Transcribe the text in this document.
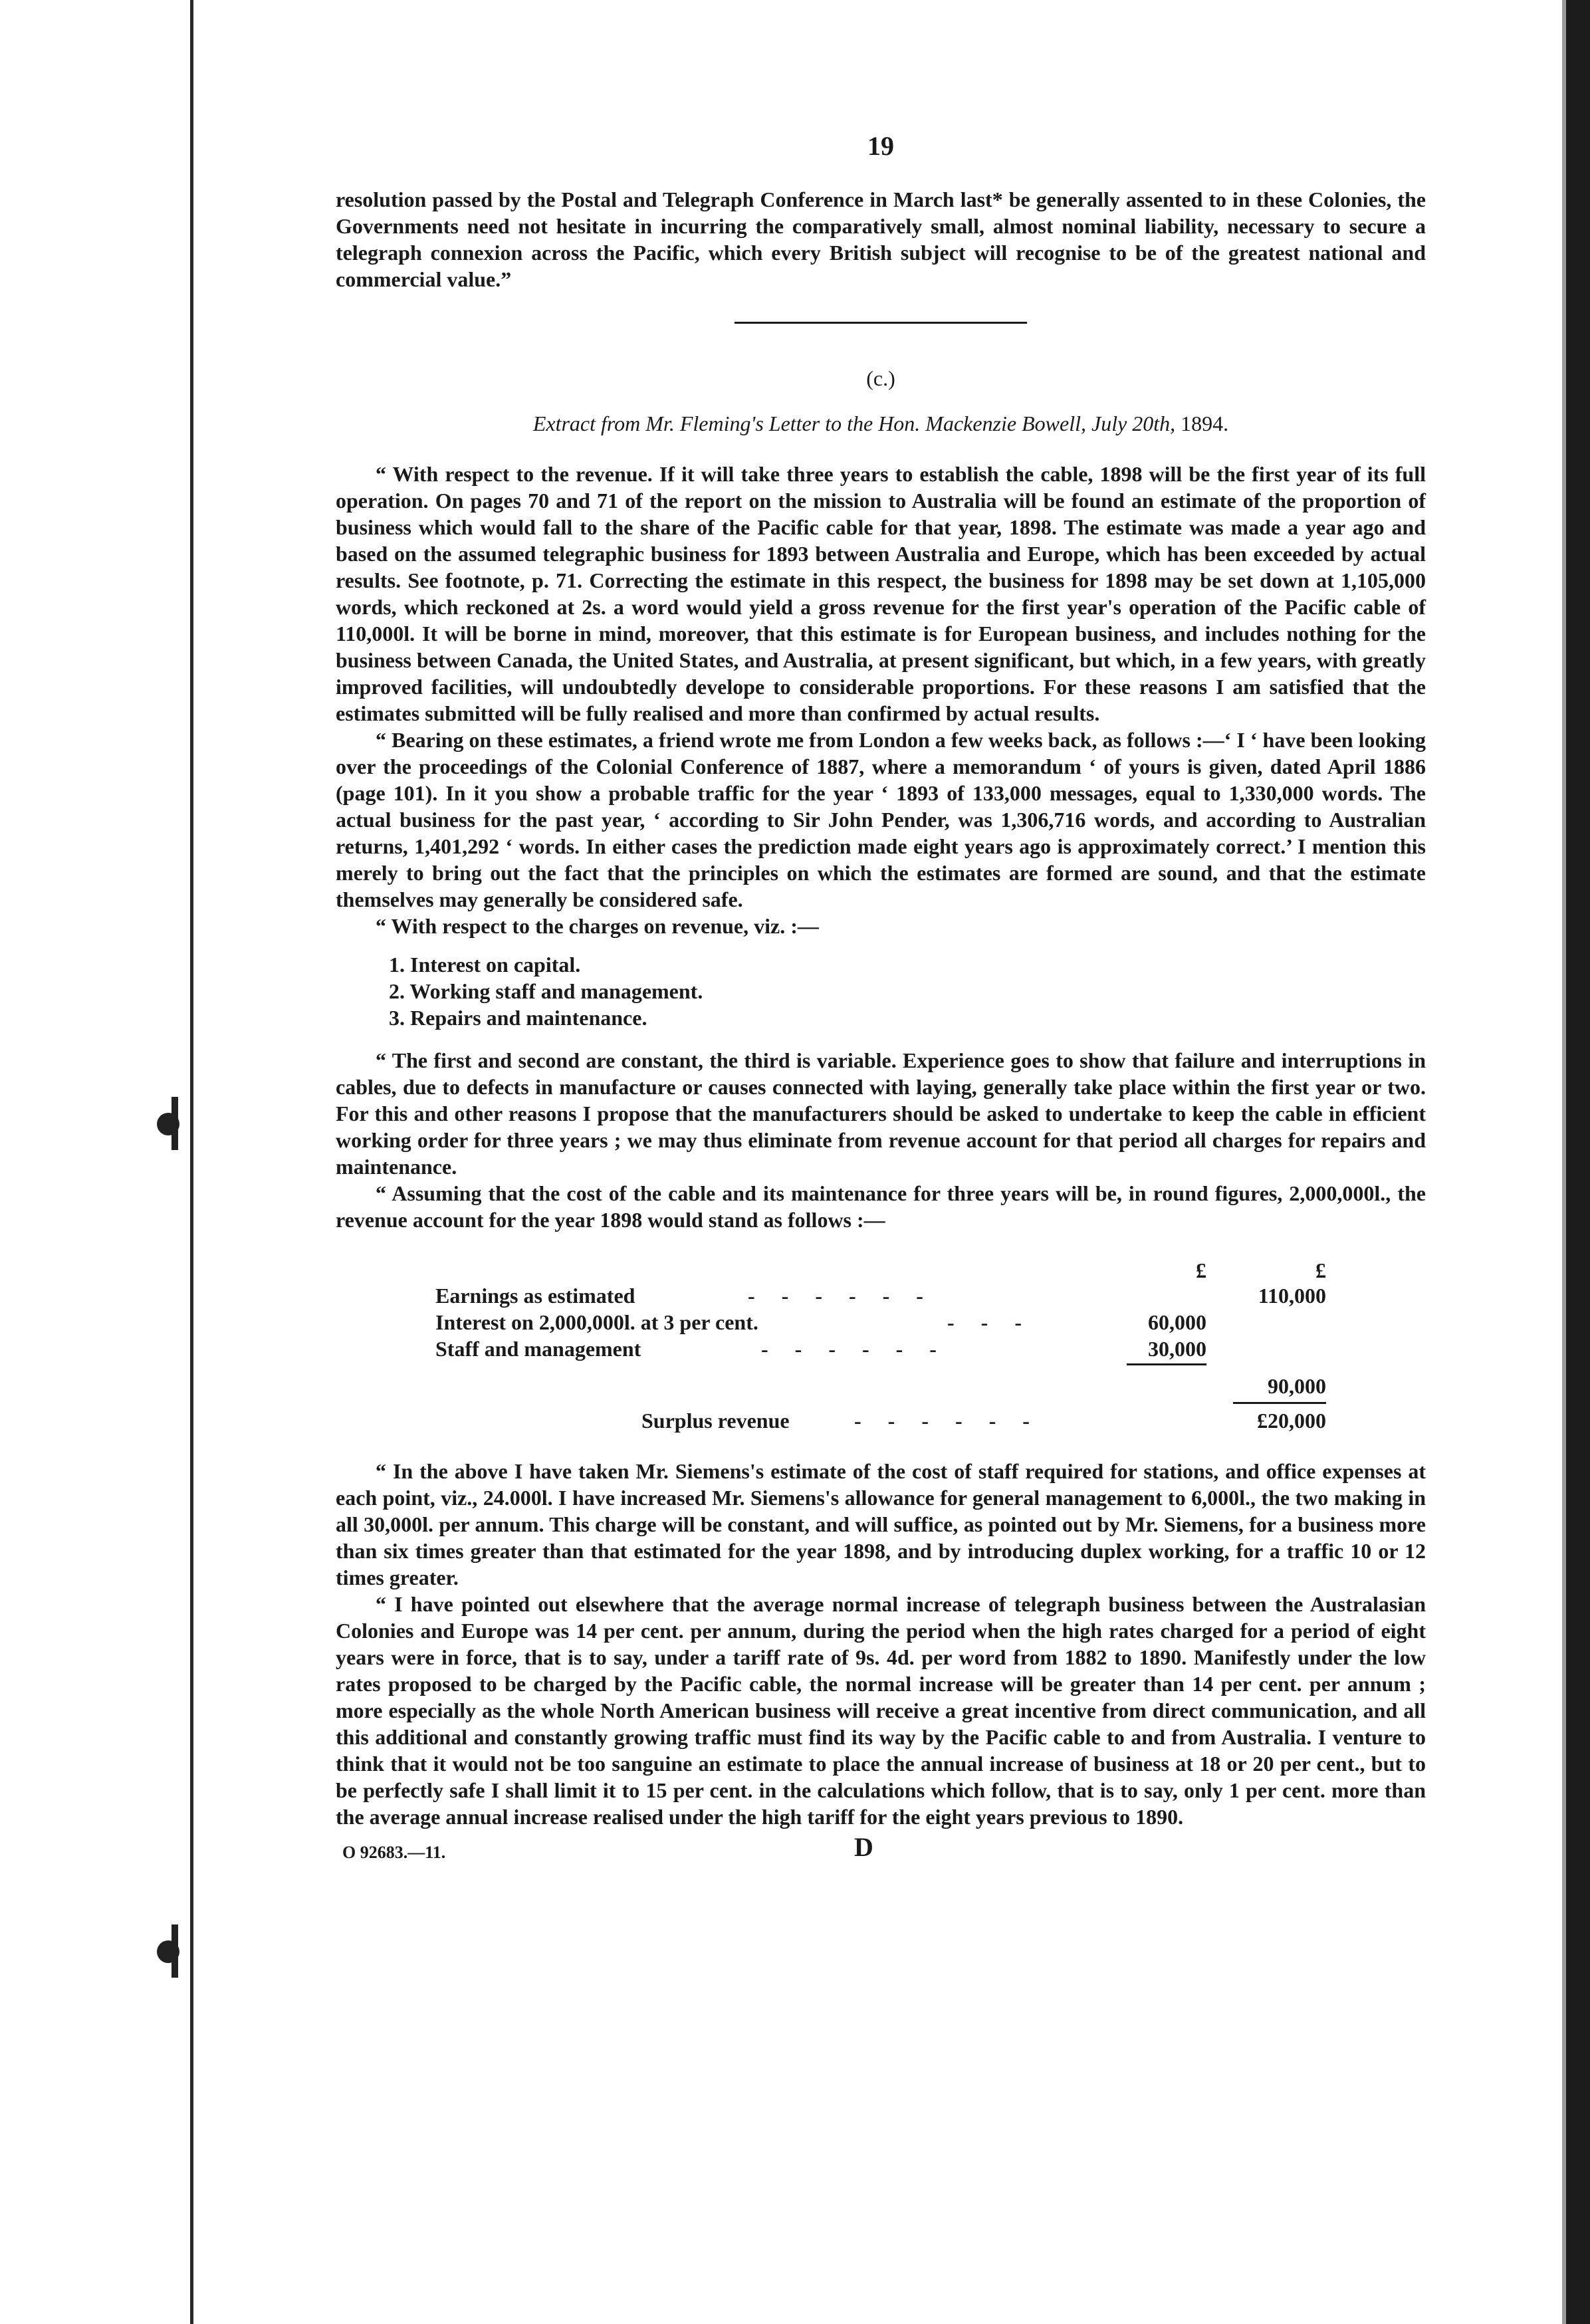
19

resolution passed by the Postal and Telegraph Conference in March last* be generally assented to in these Colonies, the Governments need not hesitate in incurring the comparatively small, almost nominal liability, necessary to secure a telegraph connexion across the Pacific, which every British subject will recognise to be of the greatest national and commercial value.”

(c.)
Extract from Mr. Fleming's Letter to the Hon. Mackenzie Bowell, July 20th, 1894.

“ With respect to the revenue. If it will take three years to establish the cable, 1898 will be the first year of its full operation. On pages 70 and 71 of the report on the mission to Australia will be found an estimate of the proportion of business which would fall to the share of the Pacific cable for that year, 1898. The estimate was made a year ago and based on the assumed telegraphic business for 1893 between Australia and Europe, which has been exceeded by actual results. See footnote, p. 71. Correcting the estimate in this respect, the business for 1898 may be set down at 1,105,000 words, which reckoned at 2s. a word would yield a gross revenue for the first year's operation of the Pacific cable of 110,000l. It will be borne in mind, moreover, that this estimate is for European business, and includes nothing for the business between Canada, the United States, and Australia, at present significant, but which, in a few years, with greatly improved facilities, will undoubtedly develope to considerable proportions. For these reasons I am satisfied that the estimates submitted will be fully realised and more than confirmed by actual results.

“ Bearing on these estimates, a friend wrote me from London a few weeks back, as follows :—‘ I ‘ have been looking over the proceedings of the Colonial Conference of 1887, where a memorandum ‘ of yours is given, dated April 1886 (page 101). In it you show a probable traffic for the year ‘ 1893 of 133,000 messages, equal to 1,330,000 words. The actual business for the past year, ‘ according to Sir John Pender, was 1,306,716 words, and according to Australian returns, 1,401,292 ‘ words. In either cases the prediction made eight years ago is approximately correct.’ I mention this merely to bring out the fact that the principles on which the estimates are formed are sound, and that the estimate themselves may generally be considered safe.

“ With respect to the charges on revenue, viz. :—

1. Interest on capital.
2. Working staff and management.
3. Repairs and maintenance.

“ The first and second are constant, the third is variable. Experience goes to show that failure and interruptions in cables, due to defects in manufacture or causes connected with laying, generally take place within the first year or two. For this and other reasons I propose that the manufacturers should be asked to undertake to keep the cable in efficient working order for three years ; we may thus eliminate from revenue account for that period all charges for repairs and maintenance.

“ Assuming that the cost of the cable and its maintenance for three years will be, in round figures, 2,000,000l., the revenue account for the year 1898 would stand as follows :—

£	£
Earnings as estimated	-   -   -   -   -   -	110,000
Interest on 2,000,000l. at 3 per cent.	-   -   -	60,000
Staff and management	-   -   -   -   -   -	30,000
90,000
Surplus revenue	-   -   -   -   -   -	£20,000

“ In the above I have taken Mr. Siemens's estimate of the cost of staff required for stations, and office expenses at each point, viz., 24.000l. I have increased Mr. Siemens's allowance for general management to 6,000l., the two making in all 30,000l. per annum. This charge will be constant, and will suffice, as pointed out by Mr. Siemens, for a business more than six times greater than that estimated for the year 1898, and by introducing duplex working, for a traffic 10 or 12 times greater.

“ I have pointed out elsewhere that the average normal increase of telegraph business between the Australasian Colonies and Europe was 14 per cent. per annum, during the period when the high rates charged for a period of eight years were in force, that is to say, under a tariff rate of 9s. 4d. per word from 1882 to 1890. Manifestly under the low rates proposed to be charged by the Pacific cable, the normal increase will be greater than 14 per cent. per annum ; more especially as the whole North American business will receive a great incentive from direct communication, and all this additional and constantly growing traffic must find its way by the Pacific cable to and from Australia. I venture to think that it would not be too sanguine an estimate to place the annual increase of business at 18 or 20 per cent., but to be perfectly safe I shall limit it to 15 per cent. in the calculations which follow, that is to say, only 1 per cent. more than the average annual increase realised under the high tariff for the eight years previous to 1890.

O 92683.—11.	D
